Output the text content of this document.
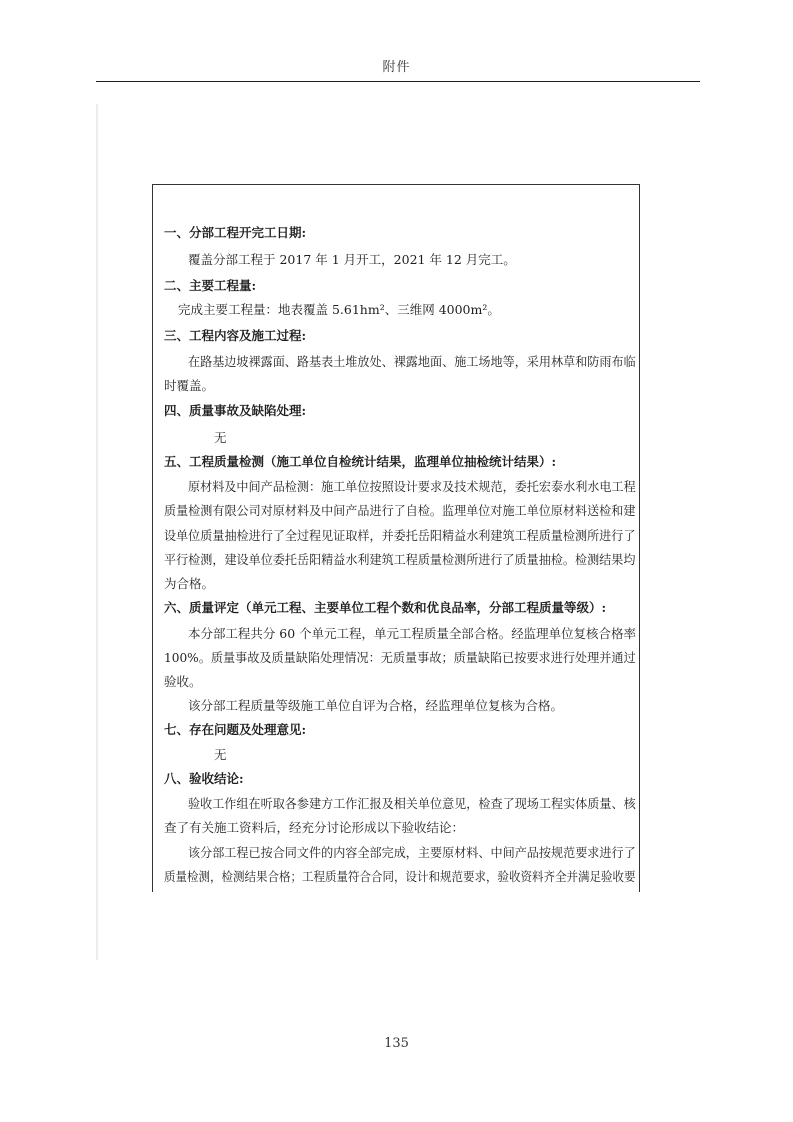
附件
一、分部工程开完工日期:
覆盖分部工程于 2017 年 1 月开工，2021 年 12 月完工。
二、主要工程量:
完成主要工程量：地表覆盖 5.61hm²、三维网 4000m²。
三、工程内容及施工过程:
在路基边坡裸露面、路基表土堆放处、裸露地面、施工场地等，采用林草和防雨布临
时覆盖。
四、质量事故及缺陷处理:
无
五、工程质量检测（施工单位自检统计结果，监理单位抽检统计结果）:
原材料及中间产品检测：施工单位按照设计要求及技术规范，委托宏泰水利水电工程
质量检测有限公司对原材料及中间产品进行了自检。监理单位对施工单位原材料送检和建
设单位质量抽检进行了全过程见证取样，并委托岳阳精益水利建筑工程质量检测所进行了
平行检测，建设单位委托岳阳精益水利建筑工程质量检测所进行了质量抽检。检测结果均
为合格。
六、质量评定（单元工程、主要单位工程个数和优良品率，分部工程质量等级）:
本分部工程共分 60 个单元工程，单元工程质量全部合格。经监理单位复核合格率
100%。质量事故及质量缺陷处理情况：无质量事故；质量缺陷已按要求进行处理并通过
验收。
该分部工程质量等级施工单位自评为合格，经监理单位复核为合格。
七、存在问题及处理意见:
无
八、验收结论:
验收工作组在听取各参建方工作汇报及相关单位意见，检查了现场工程实体质量、核
查了有关施工资料后，经充分讨论形成以下验收结论：
该分部工程已按合同文件的内容全部完成，主要原材料、中间产品按规范要求进行了
质量检测，检测结果合格；工程质量符合合同，设计和规范要求，验收资料齐全并满足验收要
135
